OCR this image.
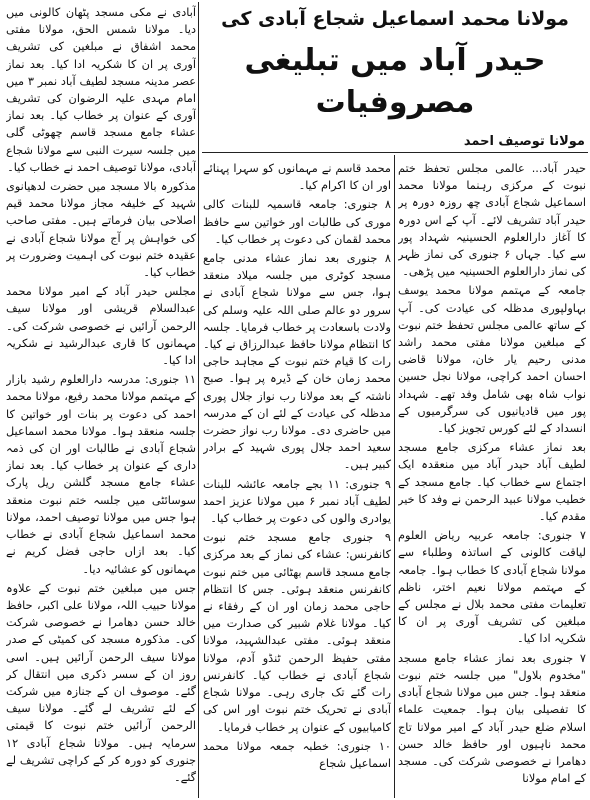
مولانا محمد اسماعیل شجاع آبادی کی
حیدر آباد میں تبلیغی مصروفیات
مولانا توصیف احمد

حیدر آباد... عالمی مجلس تحفظ ختم نبوت کے مرکزی رہنما مولانا محمد اسماعیل شجاع آبادی چھ روزہ دورہ پر حیدر آباد تشریف لائے۔ آپ کے اس دورہ کا آغاز دارالعلوم الحسینیہ شہداد پور سے کیا۔ جہاں ۶ جنوری کی نماز ظہر کی نماز دارالعلوم الحسینیہ میں پڑھی۔

جامعہ کے مہتمم مولانا محمد یوسف بہاولپوری مدظلہ کی عیادت کی۔ آپ کے ساتھ عالمی مجلس تحفظ ختم نبوت کے مبلغین مولانا مفتی محمد راشد مدنی رحیم یار خان، مولانا قاضی احسان احمد کراچی، مولانا نجل حسین نواب شاہ بھی شامل وفد تھے۔ شہداد پور میں قادیانیوں کی سرگرمیوں کے انسداد کے لئے کورس تجویز کیا۔

بعد نماز عشاء مرکزی جامع مسجد لطیف آباد حیدر آباد میں منعقدہ ایک اجتماع سے خطاب کیا۔ جامع مسجد کے خطیب مولانا عبید الرحمن نے وفد کا خیر مقدم کیا۔

۷ جنوری: جامعہ عربیہ ریاض العلوم لیاقت کالونی کے اساتذہ وطلباء سے مولانا شجاع آبادی کا خطاب ہوا۔ جامعہ کے مہتمم مولانا نعیم اختر، ناظم تعلیمات مفتی محمد بلال نے مجلس کے مبلغین کی تشریف آوری پر ان کا شکریہ ادا کیا۔

۷ جنوری بعد نماز عشاء جامع مسجد "مخدوم بلاول" میں جلسہ ختم نبوت منعقد ہوا۔ جس میں مولانا شجاع آبادی کا تفصیلی بیان ہوا۔ جمعیت علماء اسلام ضلع حیدر آباد کے امیر مولانا تاج محمد ناہیوں اور حافظ خالد حسن دھامرا نے خصوصی شرکت کی۔ مسجد کے امام مولانا

محمد قاسم نے مہمانوں کو سہرا پہنائے اور ان کا اکرام کیا۔

۸ جنوری: جامعہ قاسمیہ للبنات کالی موری کی طالبات اور خواتین سے حافظ محمد لقمان کی دعوت پر خطاب کیا۔

۸ جنوری بعد نماز عشاء مدنی جامع مسجد کوٹری میں جلسہ میلاد منعقد ہوا، جس سے مولانا شجاع آبادی نے سرور دو عالم صلی اللہ علیہ وسلم کی ولادت باسعادت پر خطاب فرمایا۔ جلسہ کا انتظام مولانا حافظ عبدالرزاق نے کیا۔ رات کا قیام ختم نبوت کے مجاہد حاجی محمد زمان خان کے ڈیرہ پر ہوا۔ صبح ناشتہ کے بعد مولانا رب نواز جلال پوری مدظلہ کی عیادت کے لئے ان کے مدرسہ میں حاضری دی۔ مولانا رب نواز حضرت سعید احمد جلال پوری شہید کے برادر کبیر ہیں۔

۹ جنوری: ۱۱ بجے جامعہ عائشہ للبنات لطیف آباد نمبر ۶ میں مولانا عزیز احمد یوادری والوں کی دعوت پر خطاب کیا۔

۹ جنوری جامع مسجد ختم نبوت کانفرنس: عشاء کی نماز کے بعد مرکزی جامع مسجد قاسم بھٹائی میں ختم نبوت کانفرنس منعقد ہوئی۔ جس کا انتظام حاجی محمد زمان اور ان کے رفقاء نے کیا۔ مولانا غلام شبیر کی صدارت میں منعقد ہوئی۔ مفتی عبدالشہید، مولانا مفتی حفیظ الرحمن ٹنڈو آدم، مولانا شجاع آبادی نے خطاب کیا۔ کانفرنس رات گئے تک جاری رہی۔ مولانا شجاع آبادی نے تحریک ختم نبوت اور اس کی کامیابیوں کے عنوان پر خطاب فرمایا۔

۱۰ جنوری: خطبہ جمعہ مولانا محمد اسماعیل شجاع

آبادی نے مکی مسجد پٹھان کالونی میں دیا۔ مولانا شمس الحق، مولانا مفتی محمد اشفاق نے مبلغین کی تشریف آوری پر ان کا شکریہ ادا کیا۔ بعد نماز عصر مدینہ مسجد لطیف آباد نمبر ۳ میں امام مہدی علیہ الرضوان کی تشریف آوری کے عنوان پر خطاب کیا۔ بعد نماز عشاء جامع مسجد قاسم چھوٹی گلی میں جلسہ سیرت النبی سے مولانا شجاع آبادی، مولانا توصیف احمد نے خطاب کیا۔

مذکورہ بالا مسجد میں حضرت لدھیانوی شہید کے خلیفہ مجاز مولانا محمد قیم اصلاحی بیان فرماتے ہیں۔ مفتی صاحب کی خواہش پر آج مولانا شجاع آبادی نے عقیدہ ختم نبوت کی اہمیت وضرورت پر خطاب کیا۔

مجلس حیدر آباد کے امیر مولانا محمد عبدالسلام قریشی اور مولانا سیف الرحمن آرائیں نے خصوصی شرکت کی۔ مہمانوں کا قاری عبدالرشید نے شکریہ ادا کیا۔

۱۱ جنوری: مدرسہ دارالعلوم رشید بازار کے مہتمم مولانا محمد رفیع، مولانا محمد احمد کی دعوت پر بنات اور خواتین کا جلسہ منعقد ہوا۔ مولانا محمد اسماعیل شجاع آبادی نے طالبات اور ان کی ذمہ داری کے عنوان پر خطاب کیا۔ بعد نماز عشاء جامع مسجد گلشن ریل پارک سوسائٹی میں جلسہ ختم نبوت منعقد ہوا جس میں مولانا توصیف احمد، مولانا محمد اسماعیل شجاع آبادی نے خطاب کیا۔ بعد ازاں حاجی فضل کریم نے مہمانوں کو عشائیہ دیا۔

جس میں مبلغین ختم نبوت کے علاوہ مولانا حبیب اللہ، مولانا علی اکبر، حافظ خالد حسن دھامرا نے خصوصی شرکت کی۔ مذکورہ مسجد کی کمیٹی کے صدر مولانا سیف الرحمن آرائیں ہیں۔ اسی روز ان کے سسر ذکری میں انتقال کر گئے۔ موصوف ان کے جنازہ میں شرکت کے لئے تشریف لے گئے۔ مولانا سیف الرحمن آرائیں ختم نبوت کا قیمتی سرمایہ ہیں۔ مولانا شجاع آبادی ۱۲ جنوری کو دورہ کر کے کراچی تشریف لے گئے۔
